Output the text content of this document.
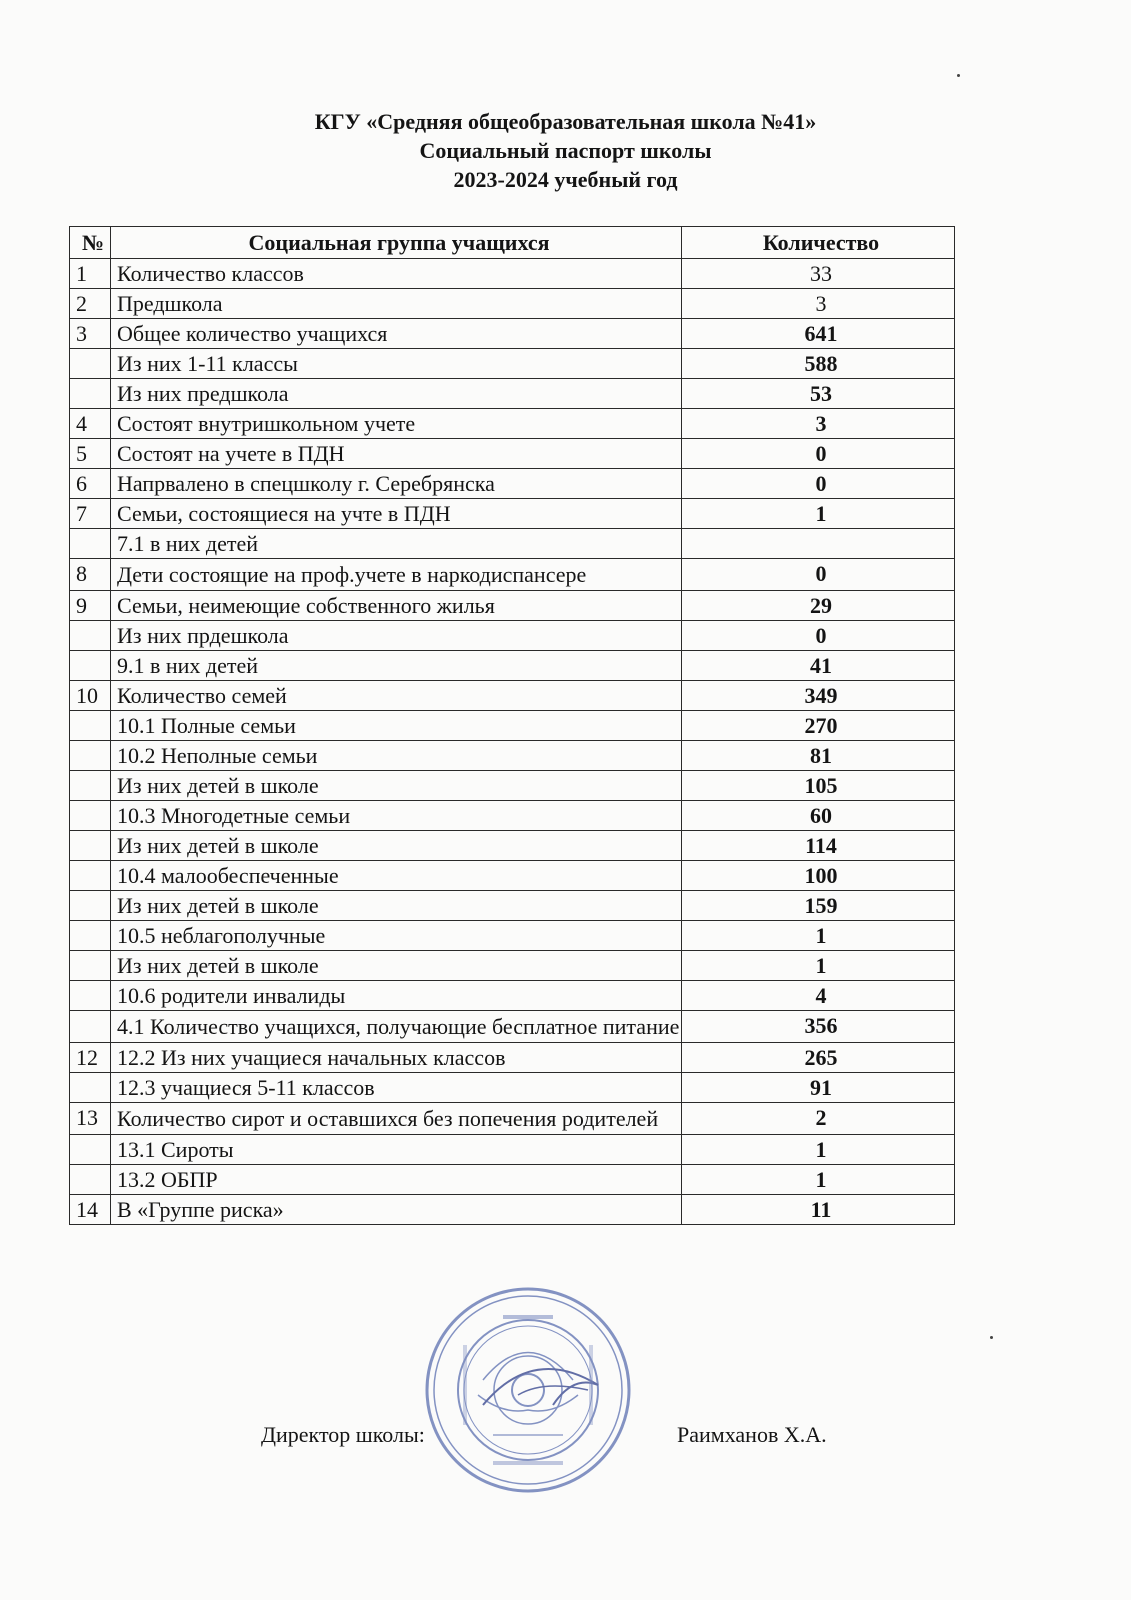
КГУ «Средняя общеобразовательная школа №41»
Социальный паспорт школы
2023-2024 учебный год
№	Социальная группа учащихся	Количество
1	Количество классов	33
2	Предшкола	3
3	Общее количество учащихся	641
	Из них 1-11 классы	588
	Из них предшкола	53
4	Состоят внутришкольном учете	3
5	Состоят на учете в ПДН	0
6	Напрвалено в спецшколу г. Серебрянска	0
7	Семьи, состоящиеся на учте в ПДН	1
	7.1 в них детей	
8	Дети состоящие на проф.учете в наркодиспансере	0
9	Семьи, неимеющие собственного жилья	29
	Из них прдешкола	0
	9.1 в них детей	41
10	Количество семей	349
	10.1 Полные семьи	270
	10.2 Неполные семьи	81
	Из них детей в школе	105
	10.3 Многодетные семьи	60
	Из них детей в школе	114
	10.4 малообеспеченные	100
	Из них детей в школе	159
	10.5 неблагополучные	1
	Из них детей в школе	1
	10.6 родители инвалиды	4
	4.1 Количество учащихся, получающие бесплатное питание	356
12	12.2 Из них учащиеся начальных классов	265
	12.3 учащиеся 5-11 классов	91
13	Количество сирот и оставшихся без попечения родителей	2
	13.1 Сироты	1
	13.2 ОБПР	1
14	В «Группе риска»	11
Директор школы:	Раимханов Х.А.
